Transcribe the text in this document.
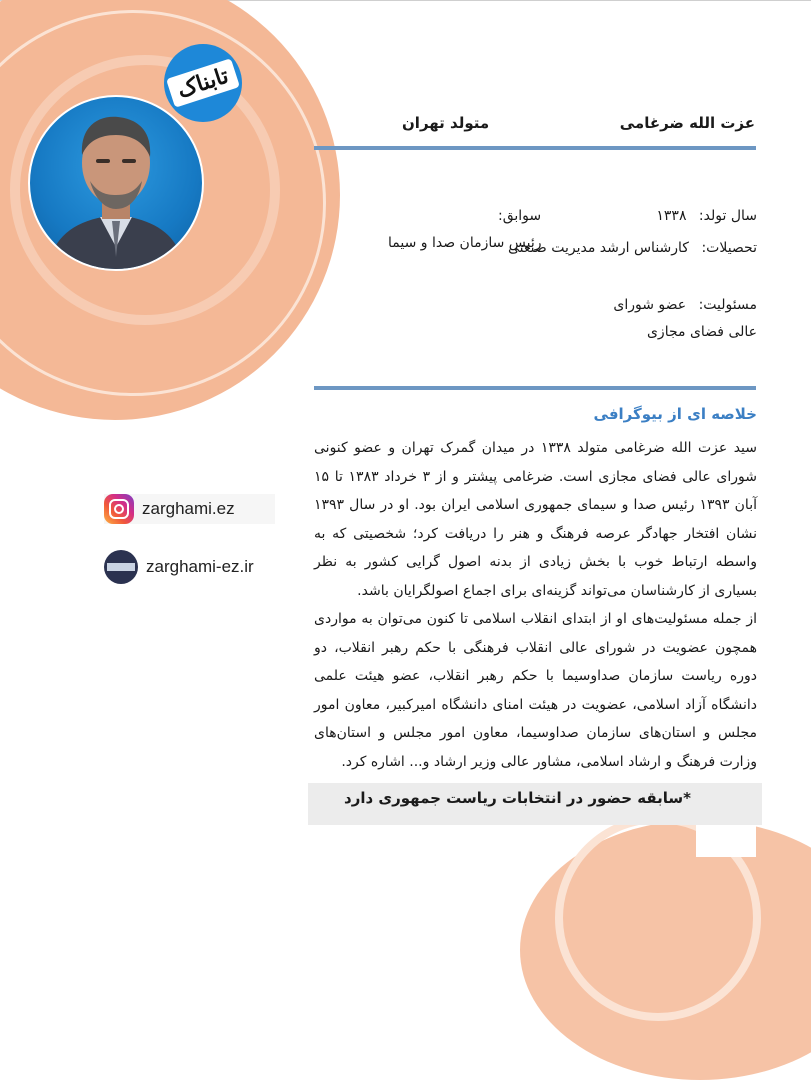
تابناک
عزت الله ضرغامی
متولد تهران
سال تولد: ۱۳۳۸
سوابق:
تحصیلات: کارشناس ارشد مدیریت صنعتی
رئیس سازمان صدا و سیما
مسئولیت: عضو شورای عالی فضای مجازی
خلاصه ای از بیوگرافی

سید عزت الله ضرغامی متولد ۱۳۳۸ در میدان گمرک تهران و عضو کنونی شورای عالی فضای مجازی است. ضرغامی پیشتر و از ۳ خرداد ۱۳۸۳ تا ۱۵ آبان ۱۳۹۳ رئیس صدا و سیمای جمهوری اسلامی ایران بود. او در سال ۱۳۹۳ نشان افتخار جهادگر عرصه فرهنگ و هنر را دریافت کرد؛ شخصیتی که به واسطه ارتباط خوب با بخش زیادی از بدنه اصول گرایی کشور به نظر بسیاری از کارشناسان می‌تواند گزینه‌ای برای اجماع اصولگرایان باشد.

از جمله مسئولیت‌های او از ابتدای انقلاب اسلامی تا کنون می‌توان به مواردی همچون عضویت در شورای عالی انقلاب فرهنگی با حکم رهبر انقلاب، دو دوره ریاست سازمان صداوسیما با حکم رهبر انقلاب، عضو هیئت علمی دانشگاه آزاد اسلامی، عضویت در هیئت امنای دانشگاه امیرکبیر، معاون امور مجلس و استان‌های سازمان صداوسیما، معاون امور مجلس و استان‌های وزارت فرهنگ و ارشاد اسلامی، مشاور عالی وزیر ارشاد و... اشاره کرد.

*سابقه حضور در انتخابات ریاست جمهوری دارد
zarghami.ez
zarghami-ez.ir
